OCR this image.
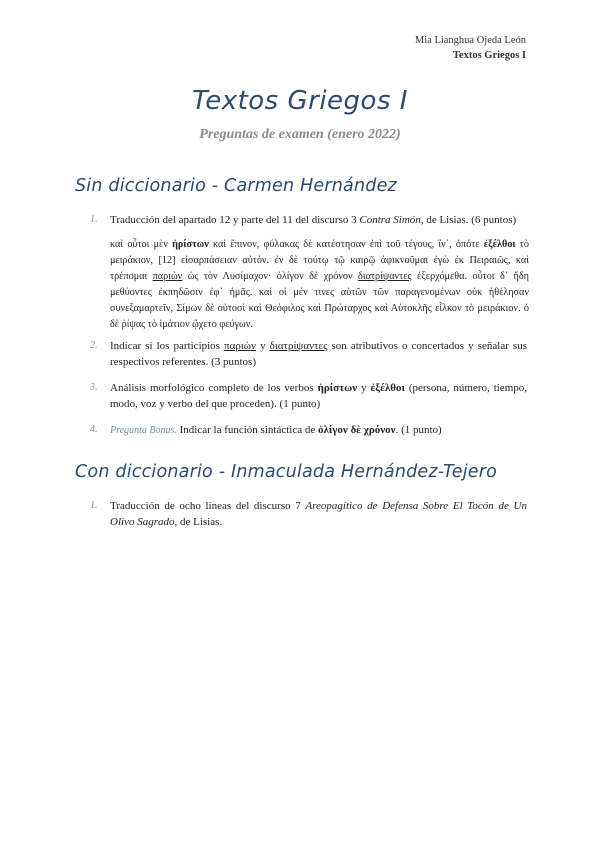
Mia Lianghua Ojeda León
Textos Griegos I
Textos Griegos I
Preguntas de examen (enero 2022)
Sin diccionario - Carmen Hernández
1. Traducción del apartado 12 y parte del 11 del discurso 3 Contra Simón, de Lisias. (6 puntos)
καὶ οὗτοι μὲν ἠρίστων καὶ ἔπινον, φύλακας δὲ κατέστησαν ἐπὶ τοῦ τέγους, ἵν᾽, ὁπότε ἐξέλθοι τὸ μειράκιον, [12] εἰσαρπάσειαν αὐτόν. ἐν δὲ τούτῳ τῷ καιρῷ ἀφικνοῦμαι ἐγὼ ἐκ Πειραιῶς, καὶ τρέπομαι παριὼν ὡς τὸν Λυσίμαχον· ὀλίγον δὲ χρόνον διατρίψαντες ἐξερχόμεθα. οὗτοι δ᾽ ἤδη μεθύοντες ἐκπηδῶσιν ἐφ᾽ ἡμᾶς. καὶ οἱ μέν τινες αὐτῶν τῶν παραγενομένων οὐκ ἠθέλησαν συνεξαμαρτεῖν, Σίμων δὲ οὑτοσὶ καὶ Θεόφιλος καὶ Πρώταρχος καὶ Αὐτοκλῆς εἷλκον τὸ μειράκιον. ὁ δὲ ῥίψας τὸ ἱμάτιον ᾤχετο φεύγων.
2. Indicar si los participios παριὼν y διατρίψαντες son atributivos o concertados y señalar sus respectivos referentes. (3 puntos)
3. Análisis morfológico completo de los verbos ἠρίστων y ἐξέλθοι (persona, número, tiempo, modo, voz y verbo del que proceden). (1 punto)
4. Pregunta Bonus. Indicar la función sintáctica de ὀλίγον δὲ χρόνον. (1 punto)
Con diccionario - Inmaculada Hernández-Tejero
1. Traducción de ocho líneas del discurso 7 Areopagítico de Defensa Sobre El Tocón de Un Olivo Sagrado, de Lisias.
